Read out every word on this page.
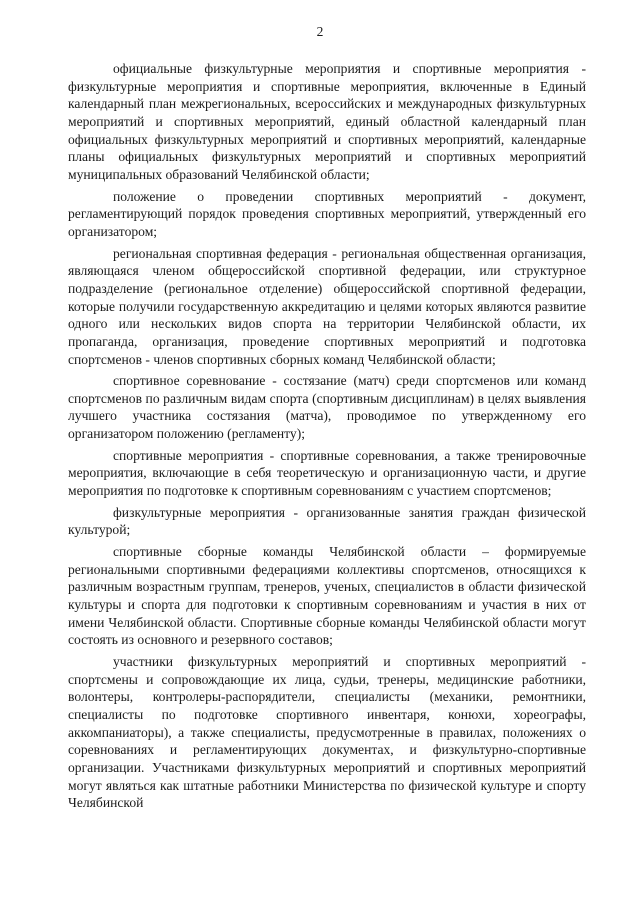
2

официальные физкультурные мероприятия и спортивные мероприятия - физкультурные мероприятия и спортивные мероприятия, включенные в Единый календарный план межрегиональных, всероссийских и международных физкультурных мероприятий и спортивных мероприятий, единый областной календарный план официальных физкультурных мероприятий и спортивных мероприятий, календарные планы официальных физкультурных мероприятий и спортивных мероприятий муниципальных образований Челябинской области;

положение о проведении спортивных мероприятий - документ, регламентирующий порядок проведения спортивных мероприятий, утвержденный его организатором;

региональная спортивная федерация - региональная общественная организация, являющаяся членом общероссийской спортивной федерации, или структурное подразделение (региональное отделение) общероссийской спортивной федерации, которые получили государственную аккредитацию и целями которых являются развитие одного или нескольких видов спорта на территории Челябинской области, их пропаганда, организация, проведение спортивных мероприятий и подготовка спортсменов - членов спортивных сборных команд Челябинской области;

спортивное соревнование - состязание (матч) среди спортсменов или команд спортсменов по различным видам спорта (спортивным дисциплинам) в целях выявления лучшего участника состязания (матча), проводимое по утвержденному его организатором положению (регламенту);

спортивные мероприятия - спортивные соревнования, а также тренировочные мероприятия, включающие в себя теоретическую и организационную части, и другие мероприятия по подготовке к спортивным соревнованиям с участием спортсменов;

физкультурные мероприятия - организованные занятия граждан физической культурой;

спортивные сборные команды Челябинской области – формируемые региональными спортивными федерациями коллективы спортсменов, относящихся к различным возрастным группам, тренеров, ученых, специалистов в области физической культуры и спорта для подготовки к спортивным соревнованиям и участия в них от имени Челябинской области. Спортивные сборные команды Челябинской области могут состоять из основного и резервного составов;

участники физкультурных мероприятий и спортивных мероприятий - спортсмены и сопровождающие их лица, судьи, тренеры, медицинские работники, волонтеры, контролеры-распорядители, специалисты (механики, ремонтники, специалисты по подготовке спортивного инвентаря, конюхи, хореографы, аккомпаниаторы), а также специалисты, предусмотренные в правилах, положениях о соревнованиях и регламентирующих документах, и физкультурно-спортивные организации. Участниками физкультурных мероприятий и спортивных мероприятий могут являться как штатные работники Министерства по физической культуре и спорту Челябинской
